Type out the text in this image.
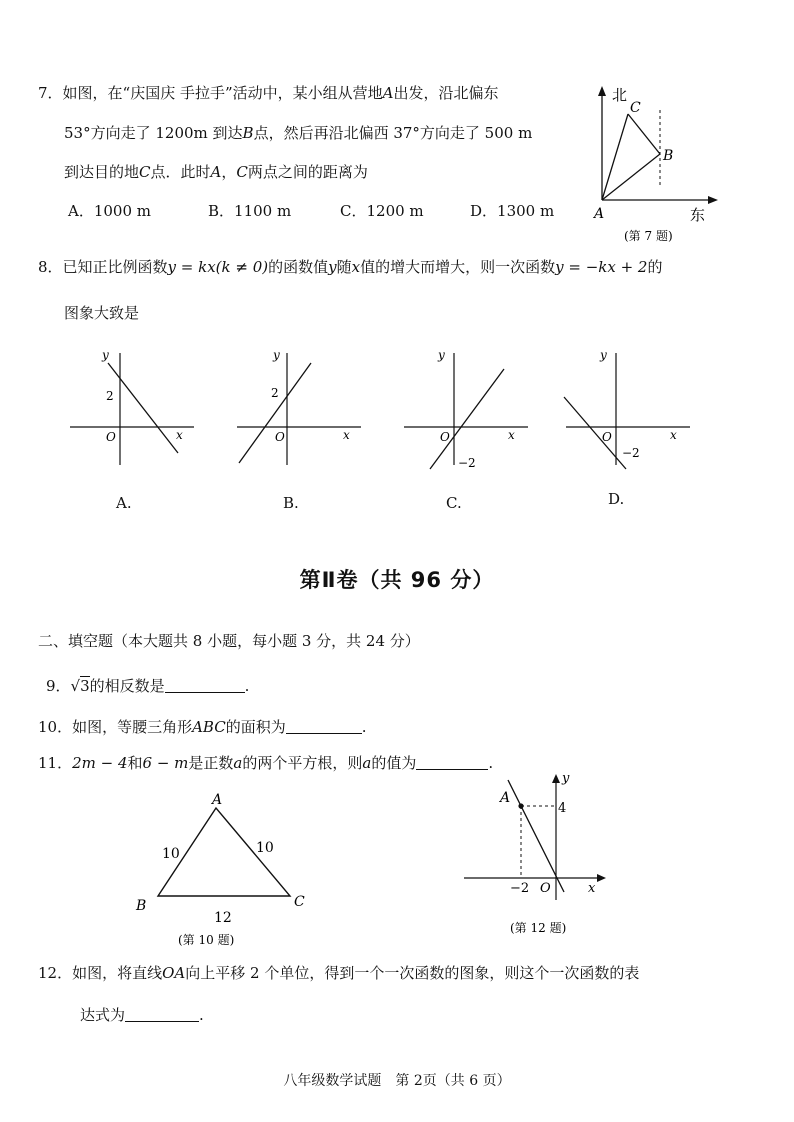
7．如图，在“庆国庆 手拉手”活动中，某小组从营地A出发，沿北偏东
53°方向走了 1200m 到达B点，然后再沿北偏西 37°方向走了 500 m
到达目的地C点．此时A，C两点之间的距离为
A．1000 m	B．1100 m	C．1200 m	D．1300 m
北
东
A
B
C
(第 7 题)
8．已知正比例函数y = kx(k ≠ 0)的函数值y随x值的增大而增大，则一次函数y = −kx + 2的
图象大致是
y
x
O
2
A.
y
x
O
2
B.
y
x
O
−2
C.
y
x
O
−2
D.
第Ⅱ卷（共 96 分）
二、填空题（本大题共 8 小题，每小题 3 分，共 24 分）
9．√3的相反数是	.
10．如图，等腰三角形ABC的面积为	.
11．2m − 4和6 − m是正数a的两个平方根，则a的值为	.
A
B	C
10	10
12
(第 10 题)
A
y
x
O
−2
4
(第 12 题)
12．如图，将直线OA向上平移 2 个单位，得到一个一次函数的图象，则这个一次函数的表
达式为	.
八年级数学试题　第 2页（共 6 页）
